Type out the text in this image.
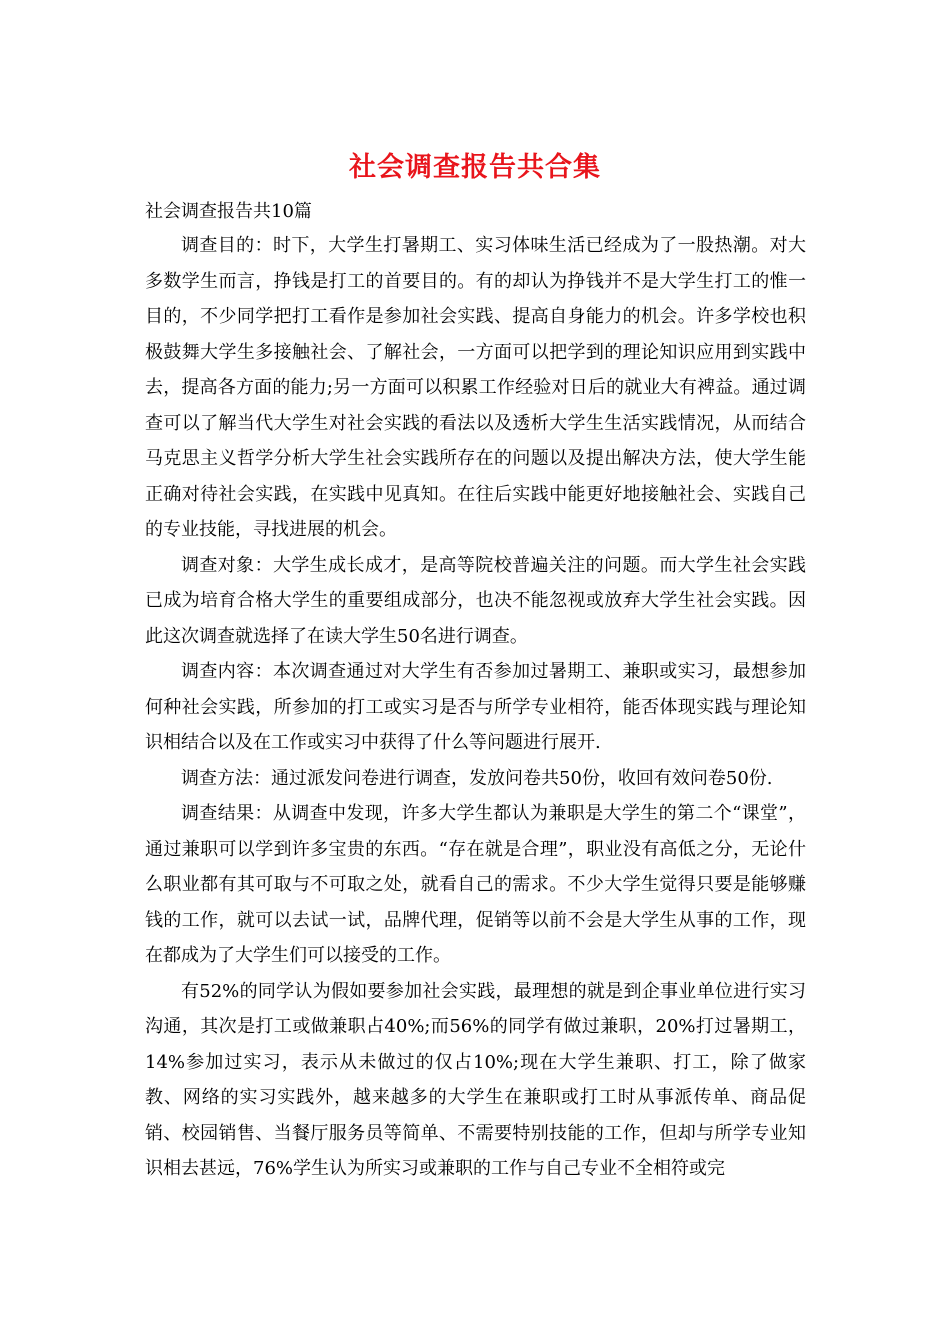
社会调查报告共合集

社会调查报告共10篇

调查目的：时下，大学生打暑期工、实习体味生活已经成为了一股热潮。对大多数学生而言，挣钱是打工的首要目的。有的却认为挣钱并不是大学生打工的惟一目的，不少同学把打工看作是参加社会实践、提高自身能力的机会。许多学校也积极鼓舞大学生多接触社会、了解社会，一方面可以把学到的理论知识应用到实践中去，提高各方面的能力;另一方面可以积累工作经验对日后的就业大有裨益。通过调查可以了解当代大学生对社会实践的看法以及透析大学生生活实践情况，从而结合马克思主义哲学分析大学生社会实践所存在的问题以及提出解决方法，使大学生能正确对待社会实践，在实践中见真知。在往后实践中能更好地接触社会、实践自己的专业技能，寻找进展的机会。

调查对象：大学生成长成才，是高等院校普遍关注的问题。而大学生社会实践已成为培育合格大学生的重要组成部分，也决不能忽视或放弃大学生社会实践。因此这次调查就选择了在读大学生50名进行调查。

调查内容：本次调查通过对大学生有否参加过暑期工、兼职或实习，最想参加何种社会实践，所参加的打工或实习是否与所学专业相符，能否体现实践与理论知识相结合以及在工作或实习中获得了什么等问题进行展开.

调查方法：通过派发问卷进行调查，发放问卷共50份，收回有效问卷50份.

调查结果：从调查中发现，许多大学生都认为兼职是大学生的第二个“课堂”，通过兼职可以学到许多宝贵的东西。“存在就是合理”，职业没有高低之分，无论什么职业都有其可取与不可取之处，就看自己的需求。不少大学生觉得只要是能够赚钱的工作，就可以去试一试，品牌代理，促销等以前不会是大学生从事的工作，现在都成为了大学生们可以接受的工作。

有52%的同学认为假如要参加社会实践，最理想的就是到企事业单位进行实习沟通，其次是打工或做兼职占40%;而56%的同学有做过兼职，20%打过暑期工，14%参加过实习，表示从未做过的仅占10%;现在大学生兼职、打工，除了做家教、网络的实习实践外，越来越多的大学生在兼职或打工时从事派传单、商品促销、校园销售、当餐厅服务员等简单、不需要特别技能的工作，但却与所学专业知识相去甚远，76%学生认为所实习或兼职的工作与自己专业不全相符或完
